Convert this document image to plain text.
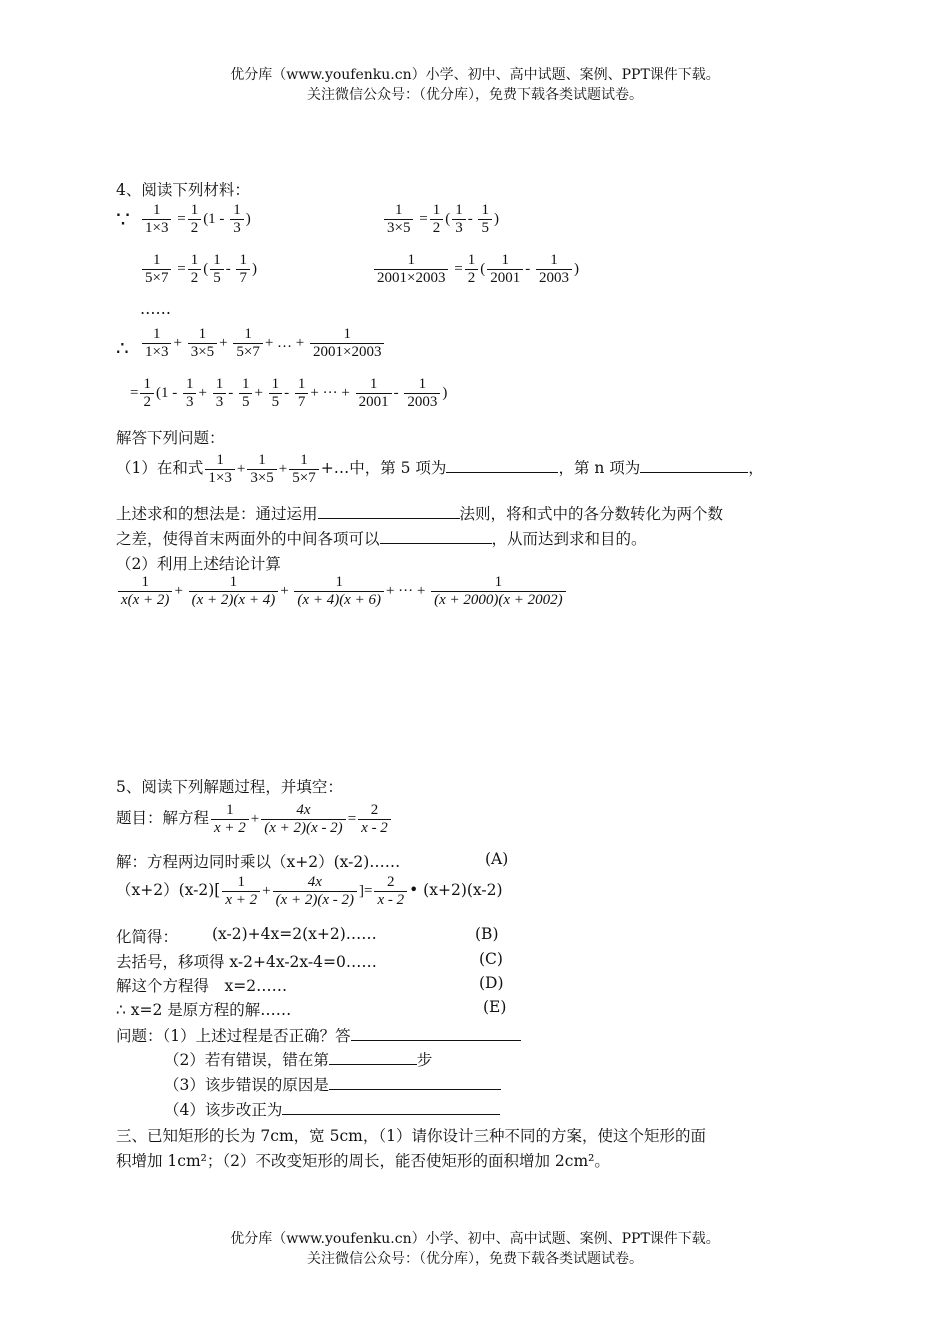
优分库（www.youfenku.cn）小学、初中、高中试题、案例、PPT课件下载。
关注微信公众号：（优分库），免费下载各类试题试卷。
4、阅读下列材料：
∵ $\frac{1}{1\times 3} = \frac{1}{2} (1 - \frac{1}{3}$ )	$\frac{1}{3\times 5} = \frac{1}{2}$ ( $\frac{1}{3} - \frac{1}{5}$ )
$\frac{1}{5\times 7} = \frac{1}{2}$ ( $\frac{1}{5} - \frac{1}{7}$ )	$\frac{1}{2001\times 2003} = \frac{1}{2}$ ( $\frac{1}{2001} - \frac{1}{2003}$ )
……
∴ $\frac{1}{1\times 3} + \frac{1}{3\times 5} + \frac{1}{5\times 7}$ + … + $\frac{1}{2001\times 2003}$
= $\frac{1}{2} (1 - \frac{1}{3} + \frac{1}{3} - \frac{1}{5} + \frac{1}{5} - \frac{1}{7}$ + ··· + $\frac{1}{2001} - \frac{1}{2003}$ )
解答下列问题：
（1）在和式 $\frac{1}{1\times 3} + \frac{1}{3\times 5} + \frac{1}{5\times 7}$ +…中，第 5 项为	，第 n 项为	，
上述求和的想法是：通过运用	法则，将和式中的各分数转化为两个数
之差，使得首末两面外的中间各项可以	，从而达到求和目的。
（2）利用上述结论计算
$\frac{1}{x(x + 2)} + \frac{1}{(x + 2)(x + 4)} + \frac{1}{(x + 4)(x + 6)}$ + ··· + $\frac{1}{(x + 2000)(x + 2002)}$
5、阅读下列解题过程，并填空：
题目：解方程 $\frac{1}{x + 2} + \frac{4x}{(x + 2)(x - 2)} = \frac{2}{x - 2}$
解：方程两边同时乘以（x+2）(x-2)……	(A)
$(x+2)(x-2)[ \frac{1}{x + 2} + \frac{4x}{(x + 2)(x - 2)}$ ]= $\frac{2}{x - 2}$ • (x+2)(x-2)
化简得： (x-2)+4x=2(x+2)……	(B)
去括号，移项得 x-2+4x-2x-4=0……	(C)
解这个方程得　x=2……	(D)
∴ x=2 是原方程的解……	(E)
问题：（1）上述过程是否正确？答
（2）若有错误，错在第	步
（3）该步错误的原因是
（4）该步改正为
三、已知矩形的长为 7cm，宽 5cm，（1）请你设计三种不同的方案，使这个矩形的面
积增加 1cm²；（2）不改变矩形的周长，能否使矩形的面积增加 2cm²。
优分库（www.youfenku.cn）小学、初中、高中试题、案例、PPT课件下载。
关注微信公众号：（优分库），免费下载各类试题试卷。
